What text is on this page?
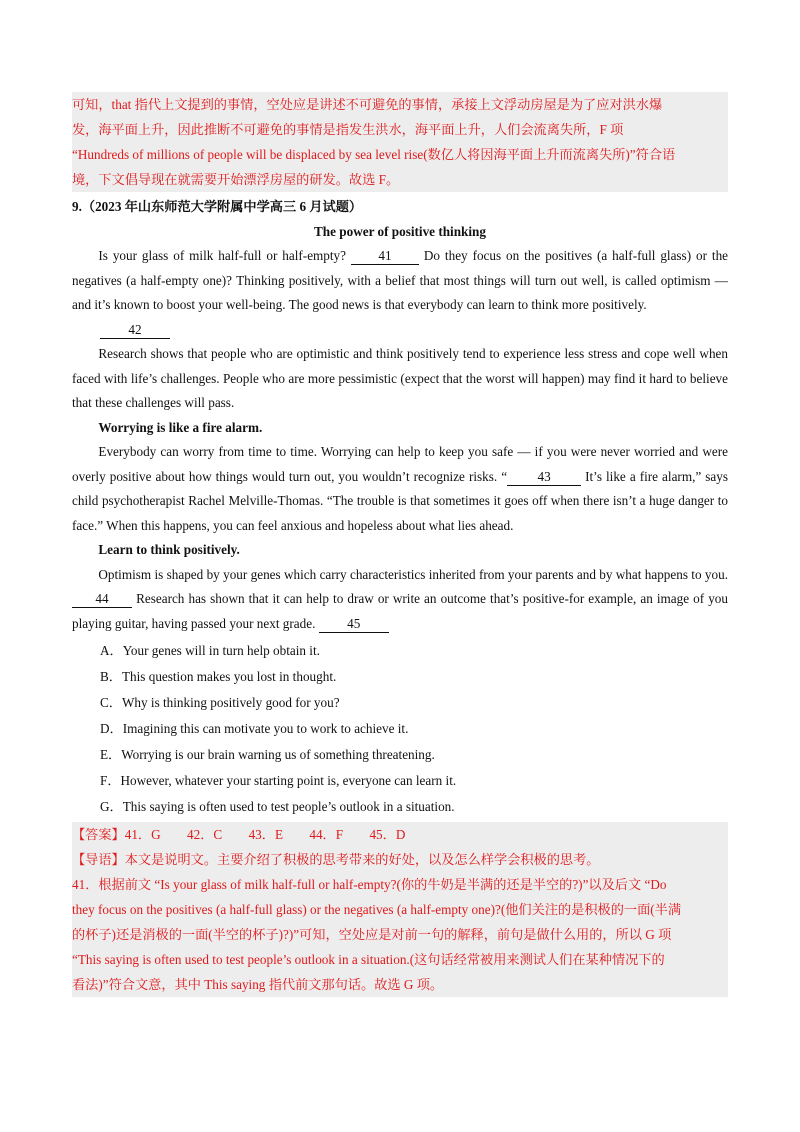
可知，that 指代上文提到的事情，空处应是讲述不可避免的事情，承接上文浮动房屋是为了应对洪水爆

发，海平面上升，因此推断不可避免的事情是指发生洪水，海平面上升，人们会流离失所，F 项

“Hundreds of millions of people will be displaced by sea level rise(数亿人将因海平面上升而流离失所)”符合语

境，下文倡导现在就需要开始漂浮房屋的研发。故选 F。

9.（2023 年山东师范大学附属中学高三 6 月试题）

The power of positive thinking

Is your glass of milk half-full or half-empty? 41 Do they focus on the positives (a half-full glass) or the negatives (a half-empty one)? Thinking positively, with a belief that most things will turn out well, is called optimism — and it’s known to boost your well-being. The good news is that everybody can learn to think more positively.

42

Research shows that people who are optimistic and think positively tend to experience less stress and cope well when faced with life’s challenges. People who are more pessimistic (expect that the worst will happen) may find it hard to believe that these challenges will pass.

Worrying is like a fire alarm.

Everybody can worry from time to time. Worrying can help to keep you safe — if you were never worried and were overly positive about how things would turn out, you wouldn’t recognize risks. “ 43	It’s like a fire alarm,” says child psychotherapist Rachel Melville-Thomas. “The trouble is that sometimes it goes off when there isn’t a huge danger to face.” When this happens, you can feel anxious and hopeless about what lies ahead.

Learn to think positively.

Optimism is shaped by your genes which carry characteristics inherited from your parents and by what happens to you. 44 Research has shown that it can help to draw or write an outcome that’s positive-for example, an image of you playing guitar, having passed your next grade. 45

A．Your genes will in turn help obtain it.

B．This question makes you lost in thought.

C．Why is thinking positively good for you?

D．Imagining this can motivate you to work to achieve it.

E．Worrying is our brain warning us of something threatening.

F．However, whatever your starting point is, everyone can learn it.

G．This saying is often used to test people’s outlook in a situation.

【答案】41．G　　42．C　　43．E　　44．F　　45．D

【导语】本文是说明文。主要介绍了积极的思考带来的好处，以及怎么样学会积极的思考。

41．根据前文 “Is your glass of milk half-full or half-empty?(你的牛奶是半满的还是半空的?)”以及后文 “Do

they focus on the positives (a half-full glass) or the negatives (a half-empty one)?(他们关注的是积极的一面(半满

的杯子)还是消极的一面(半空的杯子)?)”可知，空处应是对前一句的解释，前句是做什么用的，所以 G 项

“This saying is often used to test people’s outlook in a situation.(这句话经常被用来测试人们在某种情况下的

看法)”符合文意，其中 This saying 指代前文那句话。故选 G 项。
